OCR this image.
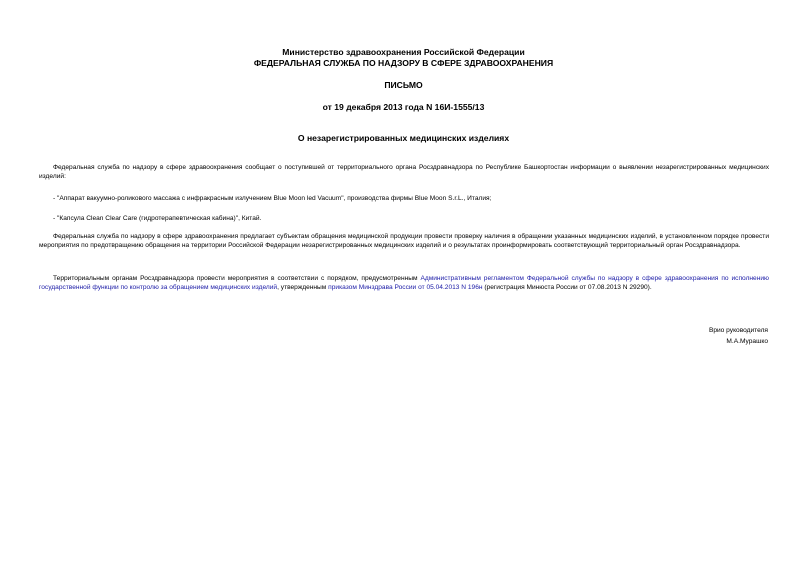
Министерство здравоохранения Российской Федерации
ФЕДЕРАЛЬНАЯ СЛУЖБА ПО НАДЗОРУ В СФЕРЕ ЗДРАВООХРАНЕНИЯ
ПИСЬМО
от 19 декабря 2013 года N 16И-1555/13
О незарегистрированных медицинских изделиях
Федеральная служба по надзору в сфере здравоохранения сообщает о поступившей от территориального органа Росздравнадзора по Республике Башкортостан информации о выявлении незарегистрированных медицинских изделий:
- "Аппарат вакуумно-роликового массажа с инфракрасным излучением Blue Moon led Vacuum", производства фирмы Blue Moon S.r.L., Италия;
- "Капсула Clean Clear Care (гидротерапевтическая кабина)", Китай.
Федеральная служба по надзору в сфере здравоохранения предлагает субъектам обращения медицинской продукции провести проверку наличия в обращении указанных медицинских изделий, в установленном порядке провести мероприятия по предотвращению обращения на территории Российской Федерации незарегистрированных медицинских изделий и о результатах проинформировать соответствующий территориальный орган Росздравнадзора.
Территориальным органам Росздравнадзора провести мероприятия в соответствии с порядком, предусмотренным Административным регламентом Федеральной службы по надзору в сфере здравоохранения по исполнению государственной функции по контролю за обращением медицинских изделий, утвержденным приказом Минздрава России от 05.04.2013 N 196н (регистрация Минюста России от 07.08.2013 N 29290).
Врио руководителя
М.А.Мурашко
